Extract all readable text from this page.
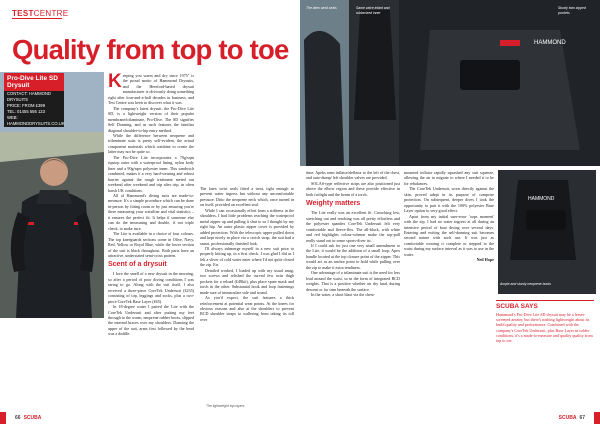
TESTCENTRE
Quality from top to toe
Pro-Dive Lite SD Drysuit
CONTACT: HAMMOND DRYSUITS
PRICE: FROM £399
TEL: 01455 556 123
WEB: HAMMONDDRYSUITS.CO.UK

Keeping you warm and dry since 1975" is the proud motto of Hammond Drysuits, and the Hereford-based drysuit manufacturer is obviously doing something right after four-and-a-half decades in business, and Test Centre was keen to discover what it was.

The company's latest drysuit, the Pro-Dive Lite SD, is a lightweight version of their popular membrane/trilaminate, Pro-Dive. The SD signifies Self Donning, and as such features the familiar diagonal shoulder-to-hip entry method.

While the difference between neoprene and trilaminate suits is pretty self-evident, the actual component materials which combine to create the latter may not be quite so.

The Pro-Dive Lite incorporates a 70g/sqm ripstop outer with a waterproof lining, nylon body liner and a 90g/sqm polyester inner. This sandwich combined, makes it a very hard-wearing and robust barrier against the rough treatment meted out weekend after weekend and trip after trip, in often harsh UK conditions.

All of Hammond's diving suits are made-to-measure. It's a simple procedure which can be done in-person by fitting room or by just ensuring you're there measuring your waistline and vital statistics – it ensures the perfect fit. It helps if someone else can do the measuring and double, if not triple check, to make sure.

The Lite is available in a choice of four colours. The top kneeguards sections come in Olive, Navy, Red, Yellow or Royal Blue, while the lower section of the suit is black throughout. Both parts have an attractive, understated semi-cross pattern.

Scent of a drysuit

I love the smell of a new drysuit in the morning, so after a period of poor diving conditions I was raring to go. Along with the suit itself, I also received a three-piece CoreTek Undersuit (£235) consisting of top, leggings and socks, plus a two-piece CoreTek Base Layer (£65).

In 18-degree water I paired the Lite with the CoreTek Undersuit and after putting my feet through to the warm, neoprene rubber boots, slipped the internal braces over my shoulders. Donning the upper of the suit, arms first followed by the head was a doddle.

The latex wrist seals fitted a treat, tight enough to prevent water ingress but without any uncomfortable pressure. Ditto the neoprene neck which, once turned in on itself, provided an excellent seal.

While I can occasionally effort from a stiffness in the shoulders, I had little problems reaching the waterproof metal zipper up and pulling it shut to so I thought by my right hip. An outer plastic zipper cover is provided by added protection. With the telescopic upper pulled down and kept nicely in place via a crotch strap, the suit had a smart, professionally finished look.

I'll always submerge myself in a new suit prior to properly kitting up, in a first check. I was glad I did as I felt a sliver of cold water enter where I'd not quite closed the zip. Err.

Detailed worked, I loaded up with my usual amig, two screws and relished the curved few twin thigh pockets for a reload (£48kit), plus place spare mask and torch in the other. Substantial hook and loop fastenings made sure of immaculate safe and sound.

As you'd expect, the suit features a thick reinforcement at potential wear points. At the knees for obvious reasons and also at the shoulders to prevent BCD shoulder straps to wallering from taking its toll over

66 SCUBA
HAMMOND
The latex wrist seals	Sturdy twin zipped pockets
Same valve infant and rubberized inner

time. Apeks arms inflator/deflator to the left of the chest, and auto-dump/ left shoulder valves are provided.

SOLAS-type reflective strips are also positioned just above the elbow region and these provide effective in both twilight and the beam of a torch.

Weighty matters

The Lite really was an excellent fit. Crouching low, stretching out and reaching was all pretty effortless and the polyester spandex CoreTek Undersuit felt very comfortable and fleece-flex. The all-black, with white and red highlights colour-scheme make the top-pull really stand out in some sports-diver ist.

If I could ask for just one very small amendment to the Lite, it would be the addition of a small loop. Apex handle located at the top closure point of the zipper. This would act as an anchor point to hold while pulling over the zip to make it extra tendiness.

One advantage of a trilaminate suit is the need for less lead around the waist, so in the form of integrated BCD weights. That is a positive whether on dry land, during descent or for trim beneath the surface.

In the water, a short blast via the chest-

mounted inflator rapidly squashed any suit squeeze, allowing the air to migrate to where I needed it to be for rebalances.

The CoreTek Undersuit, worn directly against the skin, proved adept in its purpose of comprise protection. On subsequent, deeper dives I took the opportunity to pair it with the 100% polyester Base Layer option to very good effect.

Apart from my initial user-error 'oops moment' with the zip, I had no water ingress at all during an intensive period of boat diving over several days. Entering and exiting the self-donning suit becomes second nature with such use. It was just as comfortable wearing it complete or stepped to the waist during my surface interval as it was to use in the water.

Neil Hope

HAMMOND
Ample and sturdy neoprene boots
SCUBA SAYS
Hammond's Pro-Dive Lite SD drysuit may be a lesser-screened aerater, but there's nothing lightweight about its build quality and performance. Combined with the company's CoreTek Undersuit, plus Base Layer in colder conditions, it's a made-to-measure and quality quality from top to toe.
SCUBA 67
The lightweight top layers
